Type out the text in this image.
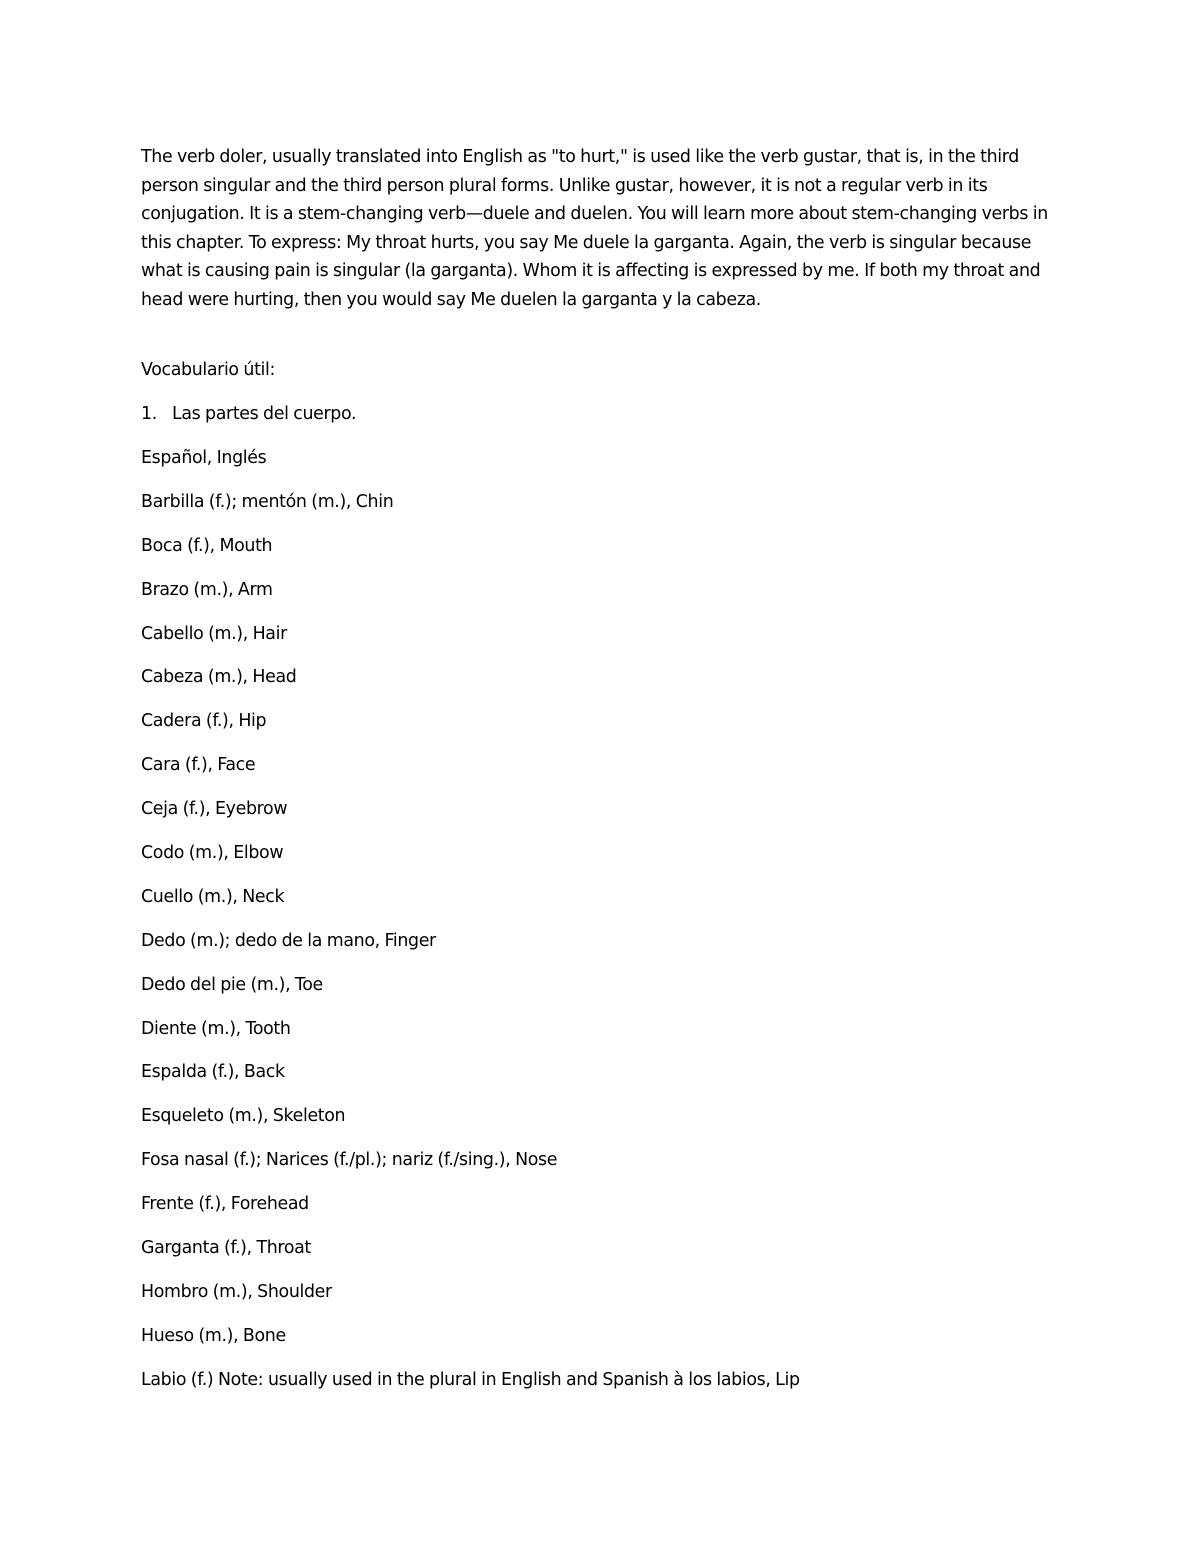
The verb doler, usually translated into English as "to hurt," is used like the verb gustar, that is, in the third person singular and the third person plural forms. Unlike gustar, however, it is not a regular verb in its conjugation. It is a stem-changing verb—duele and duelen. You will learn more about stem-changing verbs in this chapter. To express: My throat hurts, you say Me duele la garganta. Again, the verb is singular because what is causing pain is singular (la garganta). Whom it is affecting is expressed by me. If both my throat and head were hurting, then you would say Me duelen la garganta y la cabeza.

Vocabulario útil:

1. Las partes del cuerpo.

Español, Inglés
Barbilla (f.); mentón (m.), Chin
Boca (f.), Mouth
Brazo (m.), Arm
Cabello (m.), Hair
Cabeza (m.), Head
Cadera (f.), Hip
Cara (f.), Face
Ceja (f.), Eyebrow
Codo (m.), Elbow
Cuello (m.), Neck
Dedo (m.); dedo de la mano, Finger
Dedo del pie (m.), Toe
Diente (m.), Tooth
Espalda (f.), Back
Esqueleto (m.), Skeleton
Fosa nasal (f.); Narices (f./pl.); nariz (f./sing.), Nose
Frente (f.), Forehead
Garganta (f.), Throat
Hombro (m.), Shoulder
Hueso (m.), Bone
Labio (f.) Note: usually used in the plural in English and Spanish à los labios, Lip
